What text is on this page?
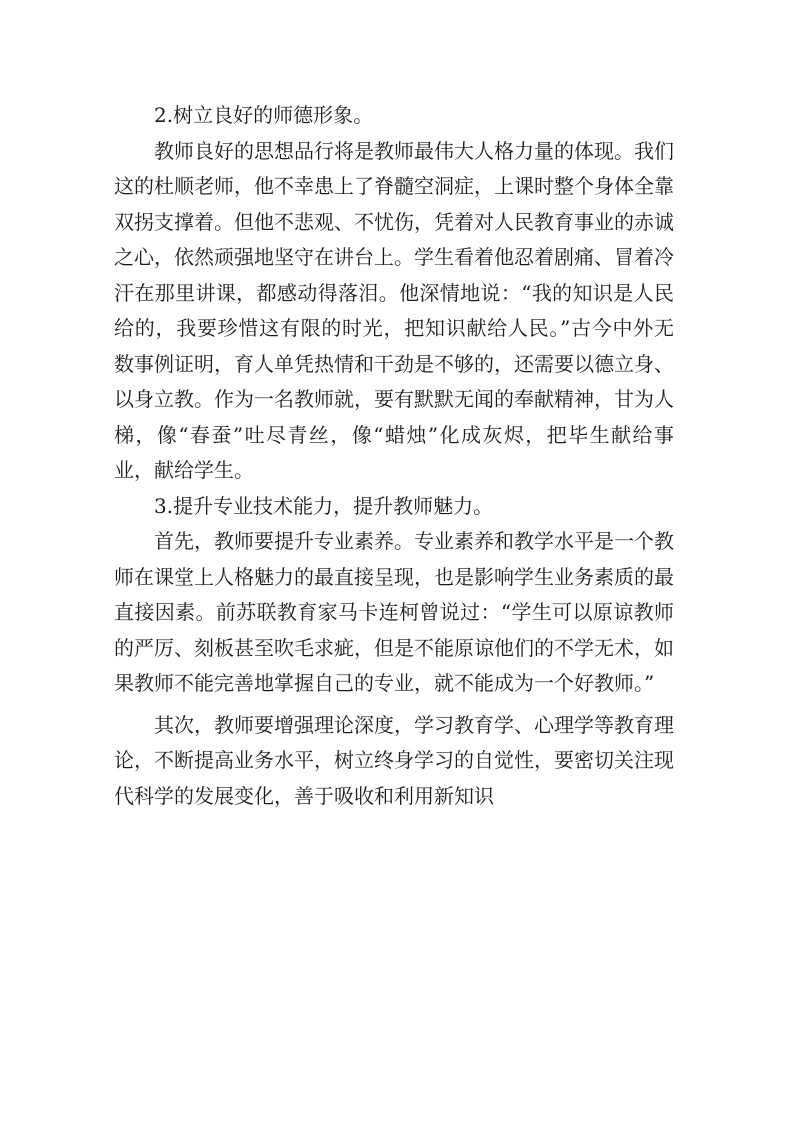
2.树立良好的师德形象。

教师良好的思想品行将是教师最伟大人格力量的体现。我们这的杜顺老师，他不幸患上了脊髓空洞症，上课时整个身体全靠双拐支撑着。但他不悲观、不忧伤，凭着对人民教育事业的赤诚之心，依然顽强地坚守在讲台上。学生看着他忍着剧痛、冒着冷汗在那里讲课，都感动得落泪。他深情地说：“我的知识是人民给的，我要珍惜这有限的时光，把知识献给人民。”古今中外无数事例证明，育人单凭热情和干劲是不够的，还需要以德立身、以身立教。作为一名教师就，要有默默无闻的奉献精神，甘为人梯，像“春蚕”吐尽青丝，像“蜡烛”化成灰烬，把毕生献给事业，献给学生。

3.提升专业技术能力，提升教师魅力。

首先，教师要提升专业素养。专业素养和教学水平是一个教师在课堂上人格魅力的最直接呈现，也是影响学生业务素质的最直接因素。前苏联教育家马卡连柯曾说过：“学生可以原谅教师的严厉、刻板甚至吹毛求疵，但是不能原谅他们的不学无术，如果教师不能完善地掌握自己的专业，就不能成为一个好教师。”

其次，教师要增强理论深度，学习教育学、心理学等教育理论，不断提高业务水平，树立终身学习的自觉性，要密切关注现代科学的发展变化，善于吸收和利用新知识
